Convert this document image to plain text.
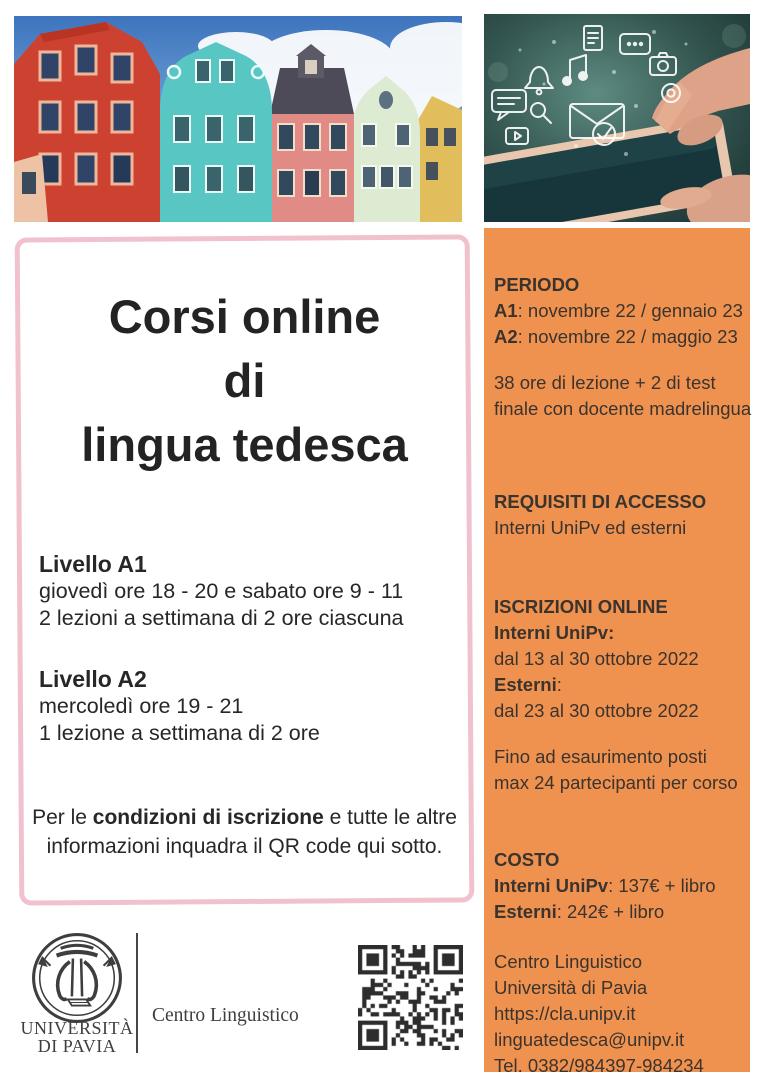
Corsi online
di
lingua tedesca
Livello A1
giovedì ore 18 - 20 e sabato ore 9 - 11
2 lezioni a settimana di 2 ore ciascuna
Livello A2
mercoledì ore 19 - 21
1 lezione a settimana di 2 ore

Per le condizioni di iscrizione e tutte le altre
informazioni inquadra il QR code qui sotto.

PERIODO
A1: novembre 22 / gennaio 23
A2: novembre 22 / maggio 23
38 ore di lezione + 2 di test
finale con docente madrelingua
REQUISITI DI ACCESSO
Interni UniPv ed esterni
ISCRIZIONI ONLINE
Interni UniPv:
dal 13 al 30 ottobre 2022
Esterni:
dal 23 al 30 ottobre 2022
Fino ad esaurimento posti
max 24 partecipanti per corso
COSTO
Interni UniPv: 137€ + libro
Esterni: 242€ + libro
Centro Linguistico
Università di Pavia
https://cla.unipv.it
linguatedesca@unipv.it
Tel. 0382/984397-984234
UNIVERSITÀ
DI PAVIA
Centro Linguistico
